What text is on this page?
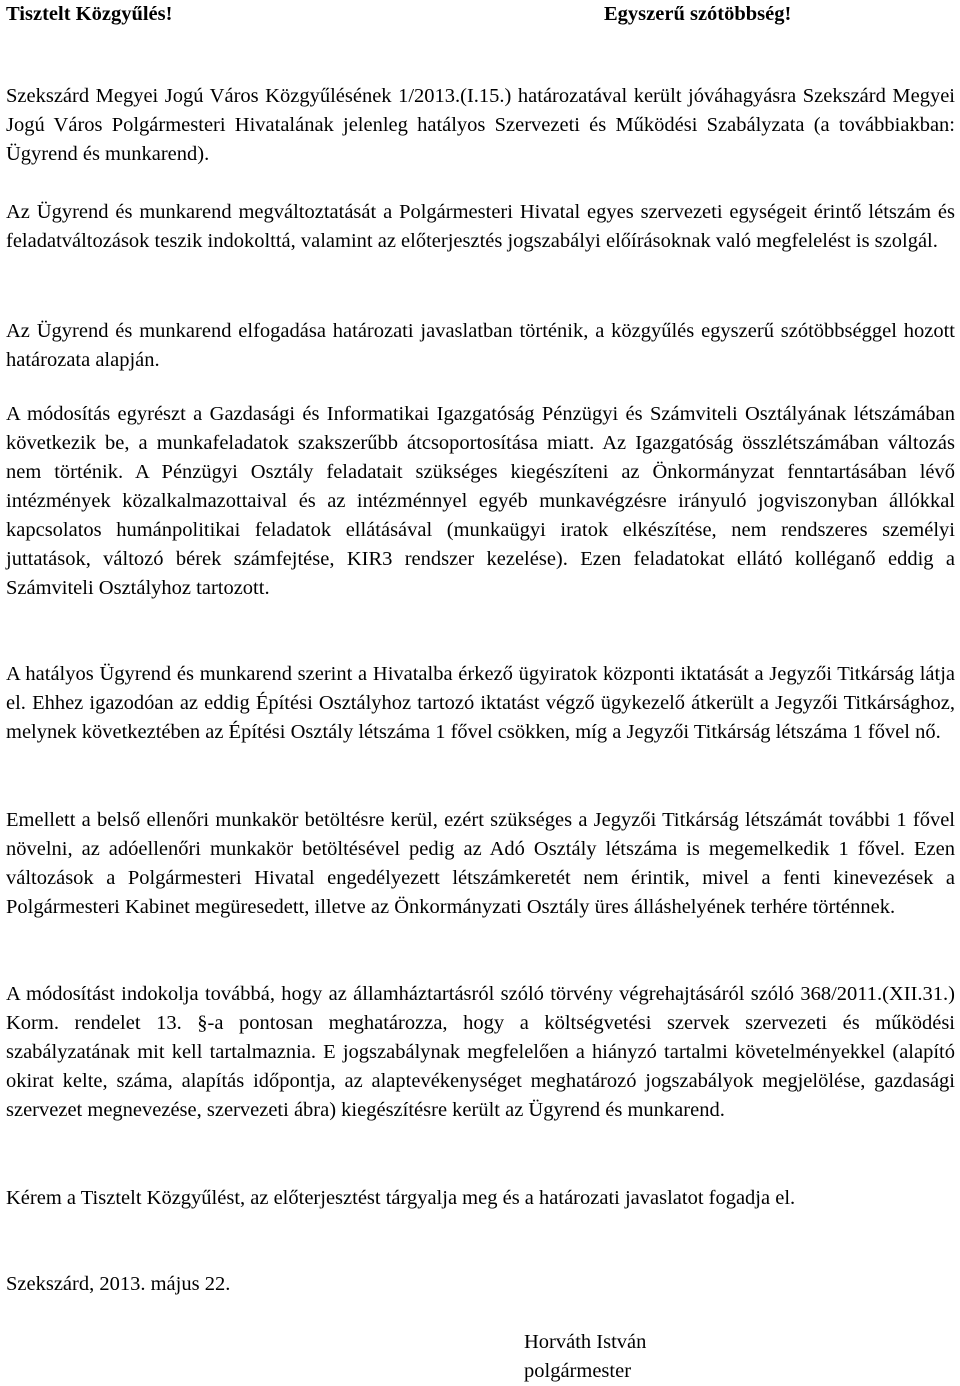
Tisztelt Közgyűlés!	Egyszerű szótöbbség!

Szekszárd Megyei Jogú Város Közgyűlésének 1/2013.(I.15.) határozatával került jóváhagyásra Szekszárd Megyei Jogú Város Polgármesteri Hivatalának jelenleg hatályos Szervezeti és Működési Szabályzata (a továbbiakban: Ügyrend és munkarend).

Az Ügyrend és munkarend megváltoztatását a Polgármesteri Hivatal egyes szervezeti egységeit érintő létszám és feladatváltozások teszik indokolttá, valamint az előterjesztés jogszabályi előírásoknak való megfelelést is szolgál.

Az Ügyrend és munkarend elfogadása határozati javaslatban történik, a közgyűlés egyszerű szótöbbséggel hozott határozata alapján.

A módosítás egyrészt a Gazdasági és Informatikai Igazgatóság Pénzügyi és Számviteli Osztályának létszámában következik be, a munkafeladatok szakszerűbb átcsoportosítása miatt. Az Igazgatóság összlétszámában változás nem történik. A Pénzügyi Osztály feladatait szükséges kiegészíteni az Önkormányzat fenntartásában lévő intézmények közalkalmazottaival és az intézménnyel egyéb munkavégzésre irányuló jogviszonyban állókkal kapcsolatos humánpolitikai feladatok ellátásával (munkaügyi iratok elkészítése, nem rendszeres személyi juttatások, változó bérek számfejtése, KIR3 rendszer kezelése). Ezen feladatokat ellátó kolléganő eddig a Számviteli Osztályhoz tartozott.

A hatályos Ügyrend és munkarend szerint a Hivatalba érkező ügyiratok központi iktatását a Jegyzői Titkárság látja el. Ehhez igazodóan az eddig Építési Osztályhoz tartozó iktatást végző ügykezelő átkerült a Jegyzői Titkársághoz, melynek következtében az Építési Osztály létszáma 1 fővel csökken, míg a Jegyzői Titkárság létszáma 1 fővel nő.

Emellett a belső ellenőri munkakör betöltésre kerül, ezért szükséges a Jegyzői Titkárság létszámát további 1 fővel növelni, az adóellenőri munkakör betöltésével pedig az Adó Osztály létszáma is megemelkedik 1 fővel. Ezen változások a Polgármesteri Hivatal engedélyezett létszámkeretét nem érintik, mivel a fenti kinevezések a Polgármesteri Kabinet megüresedett, illetve az Önkormányzati Osztály üres álláshelyének terhére történnek.

A módosítást indokolja továbbá, hogy az államháztartásról szóló törvény végrehajtásáról szóló 368/2011.(XII.31.) Korm. rendelet 13. §-a pontosan meghatározza, hogy a költségvetési szervek szervezeti és működési szabályzatának mit kell tartalmaznia. E jogszabálynak megfelelően a hiányzó tartalmi követelményekkel (alapító okirat kelte, száma, alapítás időpontja, az alaptevékenységet meghatározó jogszabályok megjelölése, gazdasági szervezet megnevezése, szervezeti ábra) kiegészítésre került az Ügyrend és munkarend.

Kérem a Tisztelt Közgyűlést, az előterjesztést tárgyalja meg és a határozati javaslatot fogadja el.

Szekszárd, 2013. május 22.
Horváth István
polgármester
